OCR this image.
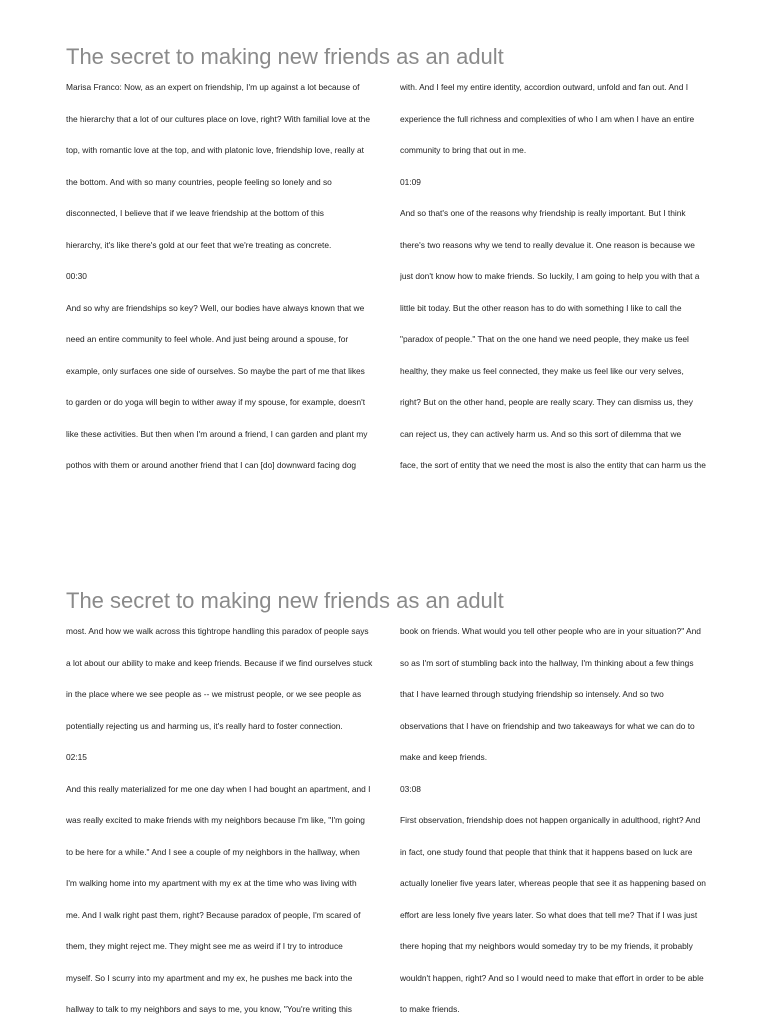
The secret to making new friends as an adult
Marisa Franco: Now, as an expert on friendship, I'm up against a lot because of
the hierarchy that a lot of our cultures place on love, right? With familial love at the
top, with romantic love at the top, and with platonic love, friendship love, really at
the bottom. And with so many countries, people feeling so lonely and so
disconnected, I believe that if we leave friendship at the bottom of this
hierarchy, it's like there's gold at our feet that we're treating as concrete.
00:30
And so why are friendships so key? Well, our bodies have always known that we
need an entire community to feel whole. And just being around a spouse, for
example, only surfaces one side of ourselves. So maybe the part of me that likes
to garden or do yoga will begin to wither away if my spouse, for example, doesn't
like these activities. But then when I'm around a friend, I can garden and plant my
pothos with them or around another friend that I can [do] downward facing dog
with. And I feel my entire identity, accordion outward, unfold and fan out. And I
experience the full richness and complexities of who I am when I have an entire
community to bring that out in me.
01:09
And so that's one of the reasons why friendship is really important. But I think
there's two reasons why we tend to really devalue it. One reason is because we
just don't know how to make friends. So luckily, I am going to help you with that a
little bit today. But the other reason has to do with something I like to call the
"paradox of people." That on the one hand we need people, they make us feel
healthy, they make us feel connected, they make us feel like our very selves,
right? But on the other hand, people are really scary. They can dismiss us, they
can reject us, they can actively harm us. And so this sort of dilemma that we
face, the sort of entity that we need the most is also the entity that can harm us the
The secret to making new friends as an adult
most. And how we walk across this tightrope handling this paradox of people says
a lot about our ability to make and keep friends. Because if we find ourselves stuck
in the place where we see people as -- we mistrust people, or we see people as
potentially rejecting us and harming us, it's really hard to foster connection.
02:15
And this really materialized for me one day when I had bought an apartment, and I
was really excited to make friends with my neighbors because I'm like, "I'm going
to be here for a while." And I see a couple of my neighbors in the hallway, when
I'm walking home into my apartment with my ex at the time who was living with
me. And I walk right past them, right? Because paradox of people, I'm scared of
them, they might reject me. They might see me as weird if I try to introduce
myself. So I scurry into my apartment and my ex, he pushes me back into the
hallway to talk to my neighbors and says to me, you know, "You're writing this
book on friends. What would you tell other people who are in your situation?" And
so as I'm sort of stumbling back into the hallway, I'm thinking about a few things
that I have learned through studying friendship so intensely. And so two
observations that I have on friendship and two takeaways for what we can do to
make and keep friends.
03:08
First observation, friendship does not happen organically in adulthood, right? And
in fact, one study found that people that think that it happens based on luck are
actually lonelier five years later, whereas people that see it as happening based on
effort are less lonely five years later. So what does that tell me? That if I was just
there hoping that my neighbors would someday try to be my friends, it probably
wouldn't happen, right? And so I would need to make that effort in order to be able
to make friends.
